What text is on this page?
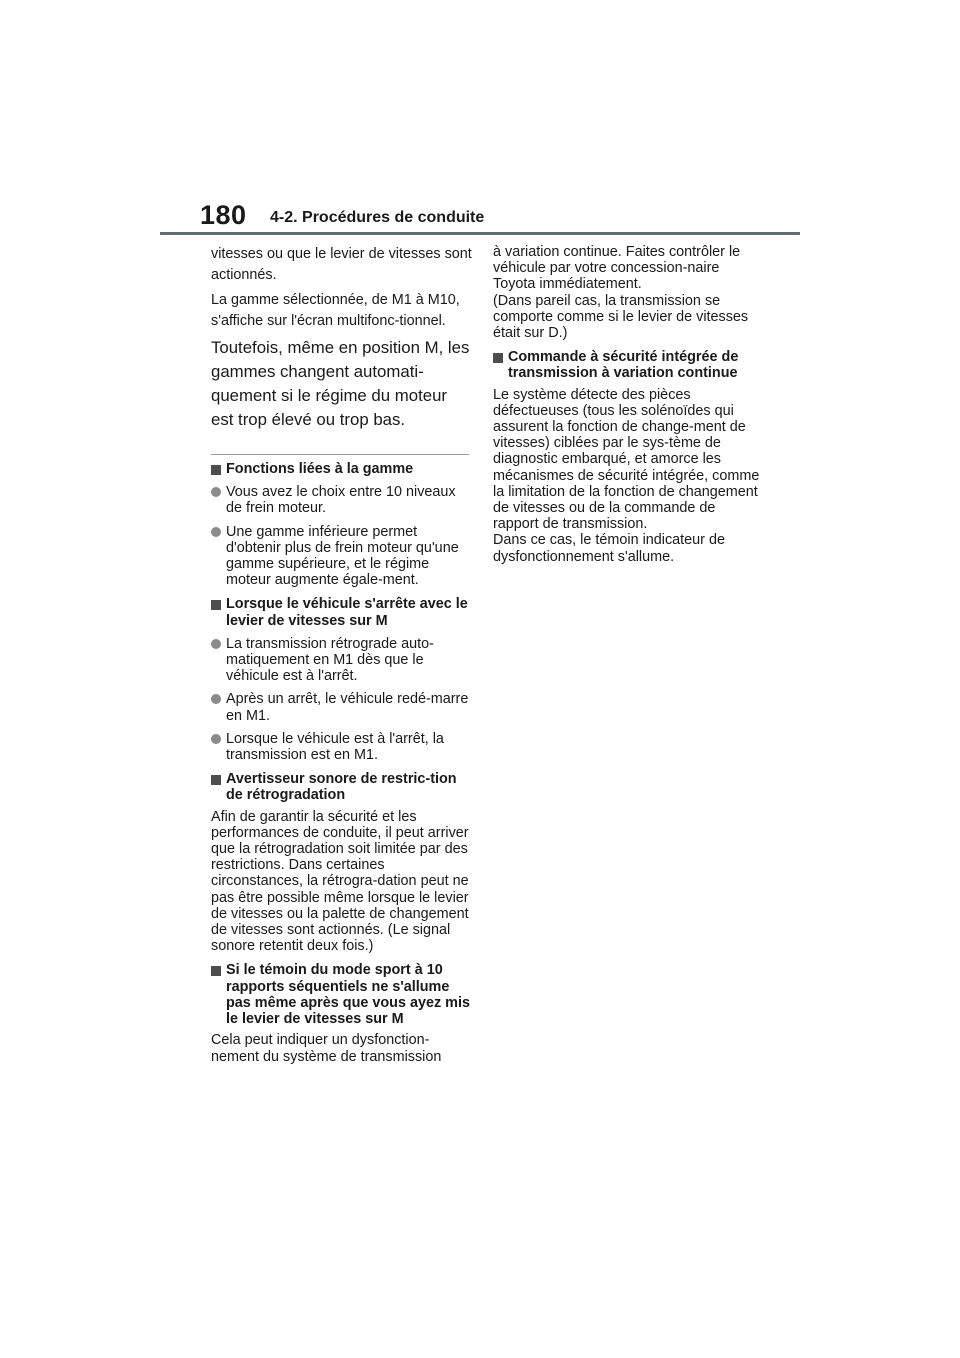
180 4-2. Procédures de conduite

vitesses ou que le levier de vitesses sont actionnés.

La gamme sélectionnée, de M1 à M10, s'affiche sur l'écran multifonc-tionnel.

Toutefois, même en position M, les gammes changent automati-quement si le régime du moteur est trop élevé ou trop bas.

Fonctions liées à la gamme
Vous avez le choix entre 10 niveaux de frein moteur.
Une gamme inférieure permet d'obtenir plus de frein moteur qu'une gamme supérieure, et le régime moteur augmente égale-ment.
Lorsque le véhicule s'arrête avec le levier de vitesses sur M
La transmission rétrograde auto-matiquement en M1 dès que le véhicule est à l'arrêt.
Après un arrêt, le véhicule redé-marre en M1.
Lorsque le véhicule est à l'arrêt, la transmission est en M1.
Avertisseur sonore de restric-tion de rétrogradation

Afin de garantir la sécurité et les performances de conduite, il peut arriver que la rétrogradation soit limitée par des restrictions. Dans certaines circonstances, la rétrogra-dation peut ne pas être possible même lorsque le levier de vitesses ou la palette de changement de vitesses sont actionnés. (Le signal sonore retentit deux fois.)

Si le témoin du mode sport à 10 rapports séquentiels ne s'allume pas même après que vous ayez mis le levier de vitesses sur M

Cela peut indiquer un dysfonction-nement du système de transmission

à variation continue. Faites contrôler le véhicule par votre concession-naire Toyota immédiatement.

(Dans pareil cas, la transmission se comporte comme si le levier de vitesses était sur D.)

Commande à sécurité intégrée de transmission à variation continue

Le système détecte des pièces défectueuses (tous les solénoïdes qui assurent la fonction de change-ment de vitesses) ciblées par le sys-tème de diagnostic embarqué, et amorce les mécanismes de sécurité intégrée, comme la limitation de la fonction de changement de vitesses ou de la commande de rapport de transmission.

Dans ce cas, le témoin indicateur de dysfonctionnement s'allume.
